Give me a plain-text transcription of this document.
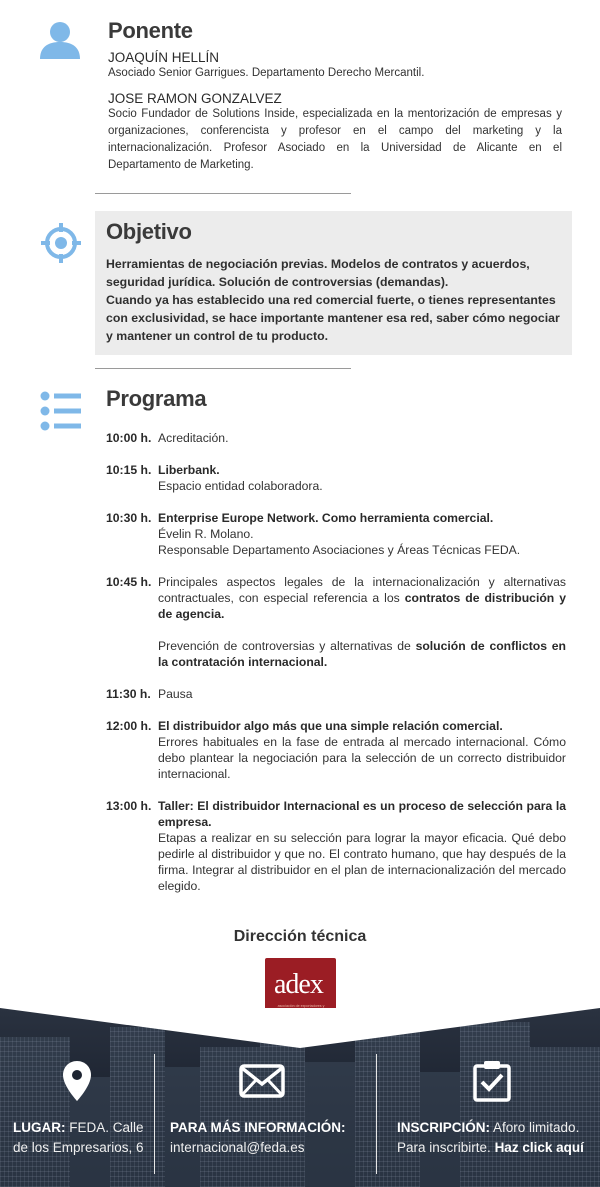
Ponente
JOAQUÍN HELLÍN
Asociado Senior Garrigues. Departamento Derecho Mercantil.
JOSE RAMON GONZALVEZ
Socio Fundador de Solutions Inside, especializada en la mentorización de empresas y organizaciones, conferencista y profesor en el campo del marketing y la internacionalización. Profesor Asociado en la Universidad de Alicante en el Departamento de Marketing.
Objetivo

Herramientas de negociación previas. Modelos de contratos y acuerdos, seguridad jurídica. Solución de controversias (demandas).

Cuando ya has establecido una red comercial fuerte, o tienes representantes con exclusividad, se hace importante mantener esa red, saber cómo negociar y mantener un control de tu producto.

Programa
10:00 h. Acreditación.
10:15 h. Liberbank.
Espacio entidad colaboradora.
10:30 h. Enterprise Europe Network. Como herramienta comercial.
Évelin R. Molano.
Responsable Departamento Asociaciones y Áreas Técnicas FEDA.
10:45 h. Principales aspectos legales de la internacionalización y alternativas contractuales, con especial referencia a los contratos de distribución y de agencia.
Prevención de controversias y alternativas de solución de conflictos en la contratación internacional.
11:30 h. Pausa
12:00 h. El distribuidor algo más que una simple relación comercial.
Errores habituales en la fase de entrada al mercado internacional. Cómo debo plantear la negociación para la selección de un correcto distribuidor internacional.
13:00 h. Taller: El distribuidor Internacional es un proceso de selección para la empresa.
Etapas a realizar en su selección para lograr la mayor eficacia. Qué debo pedirle al distribuidor y que no. El contrato humano, que hay después de la firma. Integrar al distribuidor en el plan de internacionalización del mercado elegido.
Dirección técnica
adex
asociación de exportadores y
LUGAR: FEDA. Calle
de los Empresarios, 6
PARA MÁS INFORMACIÓN:
internacional@feda.es
INSCRIPCIÓN: Aforo limitado.
Para inscribirte. Haz click aquí
